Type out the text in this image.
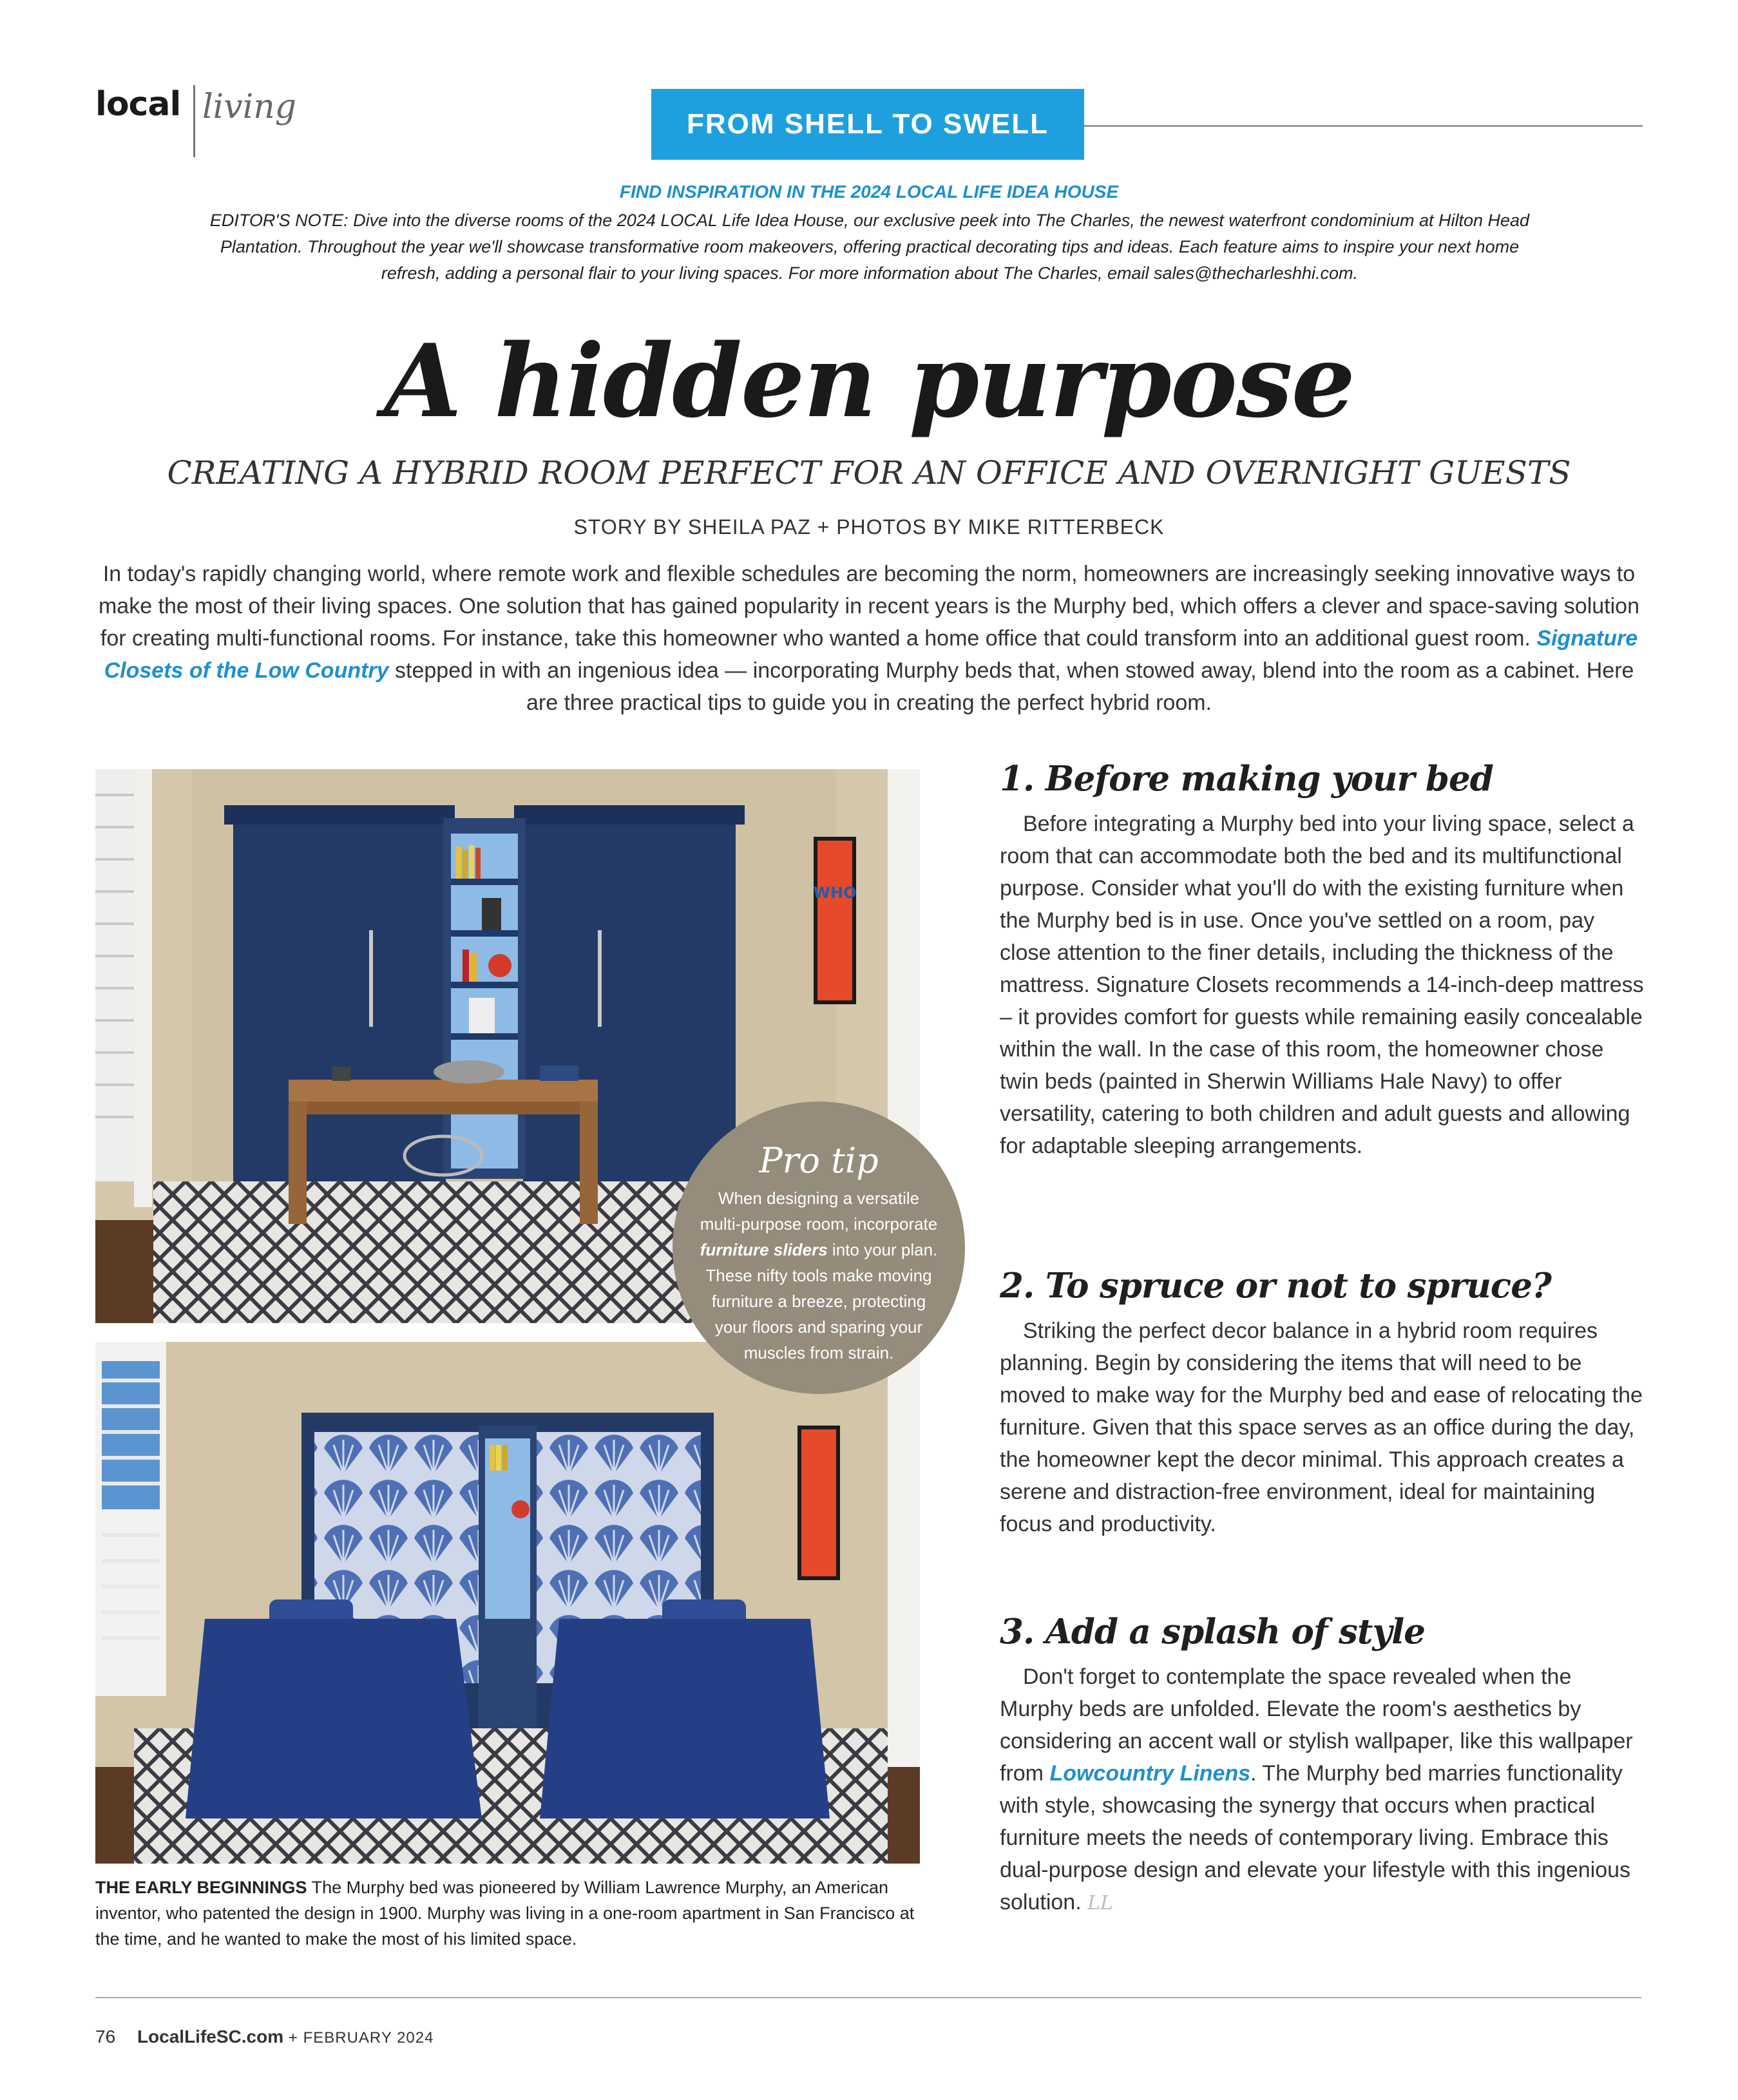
local living	FROM SHELL TO SWELL
FIND INSPIRATION IN THE 2024 LOCAL LIFE IDEA HOUSE
EDITOR'S NOTE: Dive into the diverse rooms of the 2024 LOCAL Life Idea House, our exclusive peek into The Charles, the newest waterfront condominium at Hilton Head Plantation. Throughout the year we'll showcase transformative room makeovers, offering practical decorating tips and ideas. Each feature aims to inspire your next home refresh, adding a personal flair to your living spaces. For more information about The Charles, email sales@thecharleshhi.com.
A hidden purpose
CREATING A HYBRID ROOM PERFECT FOR AN OFFICE AND OVERNIGHT GUESTS
STORY BY SHEILA PAZ + PHOTOS BY MIKE RITTERBECK

In today's rapidly changing world, where remote work and flexible schedules are becoming the norm, homeowners are increasingly seeking innovative ways to make the most of their living spaces. One solution that has gained popularity in recent years is the Murphy bed, which offers a clever and space-saving solution for creating multi-functional rooms. For instance, take this homeowner who wanted a home office that could transform into an additional guest room. Signature Closets of the Low Country stepped in with an ingenious idea — incorporating Murphy beds that, when stowed away, blend into the room as a cabinet. Here are three practical tips to guide you in creating the perfect hybrid room.

WHO
Pro tip
When designing a versatile multi-purpose room, incorporate furniture sliders into your plan. These nifty tools make moving furniture a breeze, protecting your floors and sparing your muscles from strain.

THE EARLY BEGINNINGS The Murphy bed was pioneered by William Lawrence Murphy, an American inventor, who patented the design in 1900. Murphy was living in a one-room apartment in San Francisco at the time, and he wanted to make the most of his limited space.

1. Before making your bed

Before integrating a Murphy bed into your living space, select a room that can accommodate both the bed and its multifunctional purpose. Consider what you'll do with the existing furniture when the Murphy bed is in use. Once you've settled on a room, pay close attention to the finer details, including the thickness of the mattress. Signature Closets recommends a 14-inch-deep mattress – it provides comfort for guests while remaining easily concealable within the wall. In the case of this room, the homeowner chose twin beds (painted in Sherwin Williams Hale Navy) to offer versatility, catering to both children and adult guests and allowing for adaptable sleeping arrangements.

2. To spruce or not to spruce?

Striking the perfect decor balance in a hybrid room requires planning. Begin by considering the items that will need to be moved to make way for the Murphy bed and ease of relocating the furniture. Given that this space serves as an office during the day, the homeowner kept the decor minimal. This approach creates a serene and distraction-free environment, ideal for maintaining focus and productivity.

3. Add a splash of style

Don't forget to contemplate the space revealed when the Murphy beds are unfolded. Elevate the room's aesthetics by considering an accent wall or stylish wallpaper, like this wallpaper from Lowcountry Linens. The Murphy bed marries functionality with style, showcasing the synergy that occurs when practical furniture meets the needs of contemporary living. Embrace this dual-purpose design and elevate your lifestyle with this ingenious solution. LL

76 LocalLifeSC.com + FEBRUARY 2024
